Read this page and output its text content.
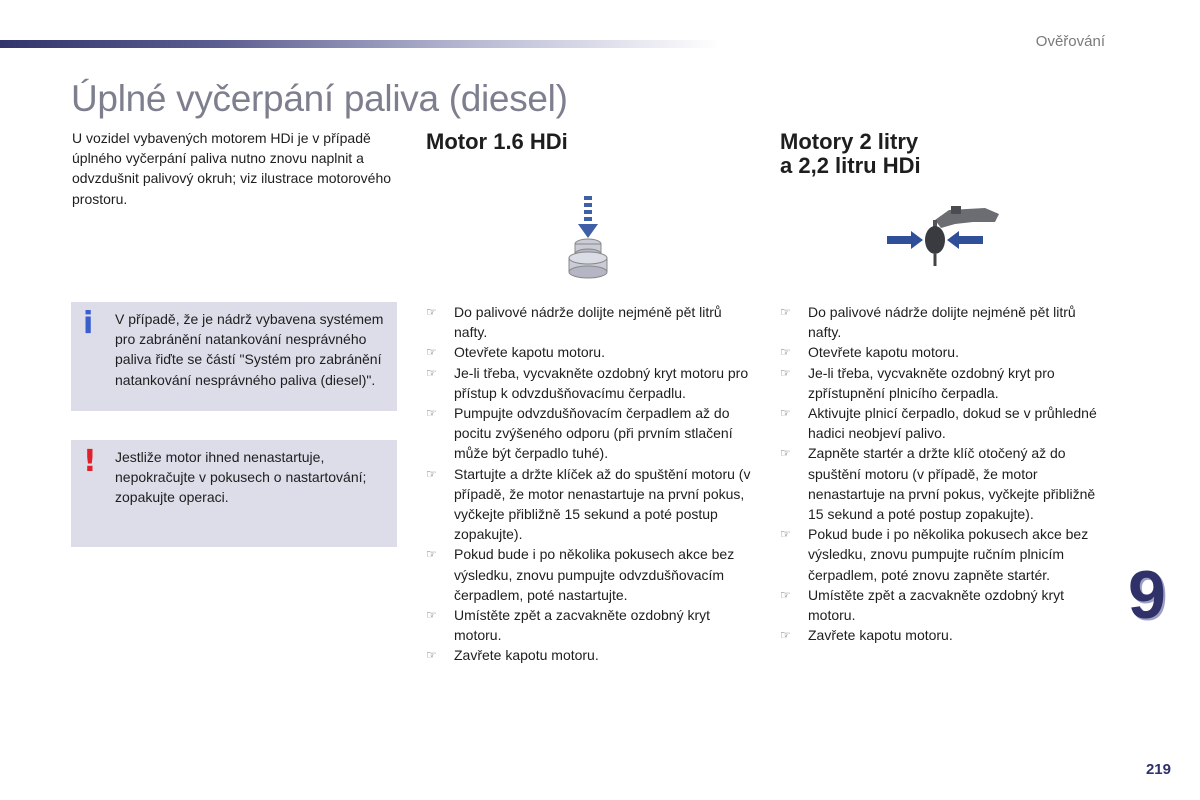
Ověřování
Úplné vyčerpání paliva (diesel)

U vozidel vybavených motorem HDi je v případě úplného vyčerpání paliva nutno znovu naplnit a odvzdušnit palivový okruh; viz ilustrace motorového prostoru.

i V případě, že je nádrž vybavena systémem pro zabránění natankování nesprávného paliva řiďte se částí "Systém pro zabránění natankování nesprávného paliva (diesel)".

! Jestliže motor ihned nenastartuje, nepokračujte v pokusech o nastartování; zopakujte operaci.

Motor 1.6 HDi	Motory 2 litry
a 2,2 litru HDi
☞ Do palivové nádrže dolijte nejméně pět litrů nafty.
☞ Otevřete kapotu motoru.
☞ Je-li třeba, vycvakněte ozdobný kryt motoru pro přístup k odvzdušňovacímu čerpadlu.
☞ Pumpujte odvzdušňovacím čerpadlem až do pocitu zvýšeného odporu (při prvním stlačení může být čerpadlo tuhé).
☞ Startujte a držte klíček až do spuštění motoru (v případě, že motor nenastartuje na první pokus, vyčkejte přibližně 15 sekund a poté postup zopakujte).
☞ Pokud bude i po několika pokusech akce bez výsledku, znovu pumpujte odvzdušňovacím čerpadlem, poté nastartujte.
☞ Umístěte zpět a zacvakněte ozdobný kryt motoru.
☞ Zavřete kapotu motoru.
☞ Do palivové nádrže dolijte nejméně pět litrů nafty.
☞ Otevřete kapotu motoru.
☞ Je-li třeba, vycvakněte ozdobný kryt pro zpřístupnění plnicího čerpadla.
☞ Aktivujte plnicí čerpadlo, dokud se v průhledné hadici neobjeví palivo.
☞ Zapněte startér a držte klíč otočený až do spuštění motoru (v případě, že motor nenastartuje na první pokus, vyčkejte přibližně 15 sekund a poté postup zopakujte).
☞ Pokud bude i po několika pokusech akce bez výsledku, znovu pumpujte ručním plnicím čerpadlem, poté znovu zapněte startér.
☞ Umístěte zpět a zacvakněte ozdobný kryt motoru.
☞ Zavřete kapotu motoru.
9
219
